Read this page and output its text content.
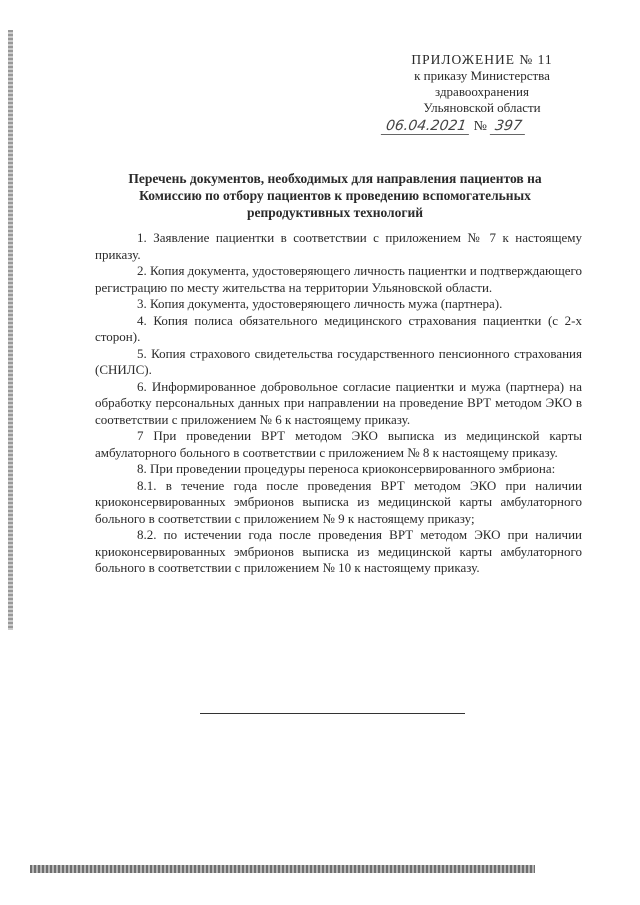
ПРИЛОЖЕНИЕ № 11
к приказу Министерства
здравоохранения
Ульяновской области
06.04.2021 № 397
Перечень документов, необходимых для направления пациентов на Комиссию по отбору пациентов к проведению вспомогательных репродуктивных технологий

1. Заявление пациентки в соответствии с приложением № 7 к настоящему приказу.

2. Копия документа, удостоверяющего личность пациентки и подтверждающего регистрацию по месту жительства на территории Ульяновской области.

3. Копия документа, удостоверяющего личность мужа (партнера).

4. Копия полиса обязательного медицинского страхования пациентки (с 2-х сторон).

5. Копия страхового свидетельства государственного пенсионного страхования (СНИЛС).

6. Информированное добровольное согласие пациентки и мужа (партнера) на обработку персональных данных при направлении на проведение ВРТ методом ЭКО в соответствии с приложением № 6 к настоящему приказу.

7 При проведении ВРТ методом ЭКО выписка из медицинской карты амбулаторного больного в соответствии с приложением № 8 к настоящему приказу.

8. При проведении процедуры переноса криоконсервированного эмбриона:

8.1. в течение года после проведения ВРТ методом ЭКО при наличии криоконсервированных эмбрионов выписка из медицинской карты амбулаторного больного в соответствии с приложением № 9 к настоящему приказу;

8.2. по истечении года после проведения ВРТ методом ЭКО при наличии криоконсервированных эмбрионов выписка из медицинской карты амбулаторного больного в соответствии с приложением № 10 к настоящему приказу.
